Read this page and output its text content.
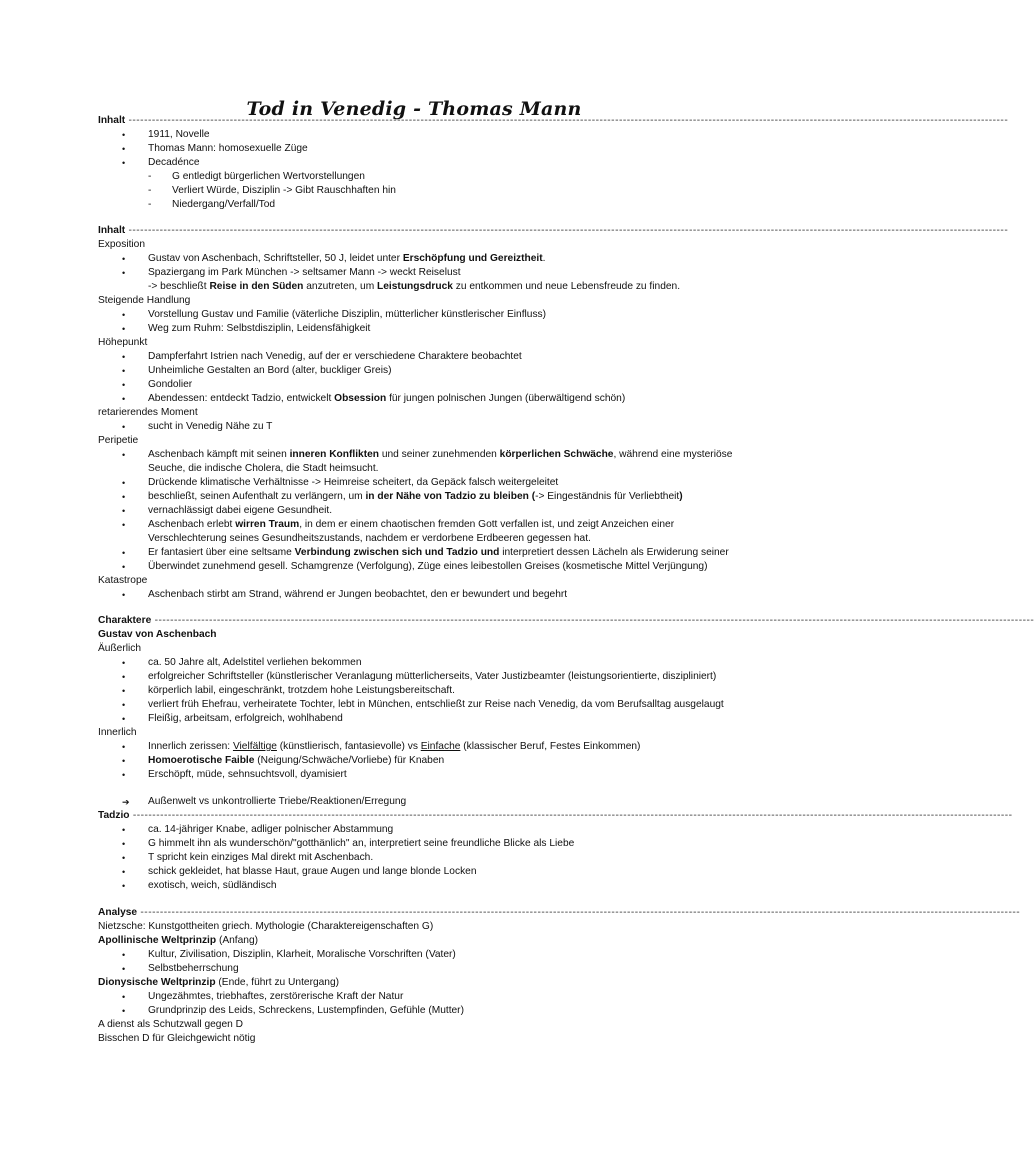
Tod in Venedig - Thomas Mann
Inhalt ----------------------------------------------------------------------------------------------------------------------------------------------------------------------------------------------------------------------------------
• 1911, Novelle
• Thomas Mann: homosexuelle Züge
• Decadénce
- G entledigt bürgerlichen Wertvorstellungen
- Verliert Würde, Disziplin -> Gibt Rauschhaften hin
- Niedergang/Verfall/Tod
Inhalt ----------------------------------------------------------------------------------------------------------------------------------------------------------------------------------------------------------------------------------
Exposition
• Gustav von Aschenbach, Schriftsteller, 50 J, leidet unter Erschöpfung und Gereiztheit.
• Spaziergang im Park München -> seltsamer Mann -> weckt Reiselust
-> beschließt Reise in den Süden anzutreten, um Leistungsdruck zu entkommen und neue Lebensfreude zu finden.
Steigende Handlung
• Vorstellung Gustav und Familie (väterliche Disziplin, mütterlicher künstlerischer Einfluss)
• Weg zum Ruhm: Selbstdisziplin, Leidensfähigkeit
Höhepunkt
• Dampferfahrt Istrien nach Venedig, auf der er verschiedene Charaktere beobachtet
• Unheimliche Gestalten an Bord (alter, buckliger Greis)
• Gondolier
• Abendessen: entdeckt Tadzio, entwickelt Obsession für jungen polnischen Jungen (überwältigend schön)
retarierendes Moment
• sucht in Venedig Nähe zu T
Peripetie
• Aschenbach kämpft mit seinen inneren Konflikten und seiner zunehmenden körperlichen Schwäche, während eine mysteriöse
Seuche, die indische Cholera, die Stadt heimsucht.
• Drückende klimatische Verhältnisse -> Heimreise scheitert, da Gepäck falsch weitergeleitet
• beschließt, seinen Aufenthalt zu verlängern, um in der Nähe von Tadzio zu bleiben (-> Eingeständnis für Verliebtheit)
• vernachlässigt dabei eigene Gesundheit.
• Aschenbach erlebt wirren Traum, in dem er einem chaotischen fremden Gott verfallen ist, und zeigt Anzeichen einer
Verschlechterung seines Gesundheitszustands, nachdem er verdorbene Erdbeeren gegessen hat.
• Er fantasiert über eine seltsame Verbindung zwischen sich und Tadzio und interpretiert dessen Lächeln als Erwiderung seiner
• Überwindet zunehmend gesell. Schamgrenze (Verfolgung), Züge eines leibestollen Greises (kosmetische Mittel Verjüngung)
Katastrope
• Aschenbach stirbt am Strand, während er Jungen beobachtet, den er bewundert und begehrt
Charaktere ----------------------------------------------------------------------------------------------------------------------------------------------------------------------------------------------------------------------------------
Gustav von Aschenbach
Äußerlich
• ca. 50 Jahre alt, Adelstitel verliehen bekommen
• erfolgreicher Schriftsteller (künstlerischer Veranlagung mütterlicherseits, Vater Justizbeamter (leistungsorientierte, diszipliniert)
• körperlich labil, eingeschränkt, trotzdem hohe Leistungsbereitschaft.
• verliert früh Ehefrau, verheiratete Tochter, lebt in München, entschließt zur Reise nach Venedig, da vom Berufsalltag ausgelaugt
• Fleißig, arbeitsam, erfolgreich, wohlhabend
Innerlich
• Innerlich zerissen: Vielfältige (künstlierisch, fantasievolle) vs Einfache (klassischer Beruf, Festes Einkommen)
• Homoerotische Faible (Neigung/Schwäche/Vorliebe) für Knaben
• Erschöpft, müde, sehnsuchtsvoll, dyamisiert
➔ Außenwelt vs unkontrollierte Triebe/Reaktionen/Erregung
Tadzio ----------------------------------------------------------------------------------------------------------------------------------------------------------------------------------------------------------------------------------
• ca. 14-jähriger Knabe, adliger polnischer Abstammung
• G himmelt ihn als wunderschön/"gotthänlich" an, interpretiert seine freundliche Blicke als Liebe
• T spricht kein einziges Mal direkt mit Aschenbach.
• schick gekleidet, hat blasse Haut, graue Augen und lange blonde Locken
• exotisch, weich, südländisch
Analyse ----------------------------------------------------------------------------------------------------------------------------------------------------------------------------------------------------------------------------------
Nietzsche: Kunstgottheiten griech. Mythologie (Charaktereigenschaften G)
Apollinische Weltprinzip (Anfang)
• Kultur, Zivilisation, Disziplin, Klarheit, Moralische Vorschriften (Vater)
• Selbstbeherrschung
Dionysische Weltprinzip (Ende, führt zu Untergang)
• Ungezähmtes, triebhaftes, zerstörerische Kraft der Natur
• Grundprinzip des Leids, Schreckens, Lustempfinden, Gefühle (Mutter)
A dienst als Schutzwall gegen D
Bisschen D für Gleichgewicht nötig
